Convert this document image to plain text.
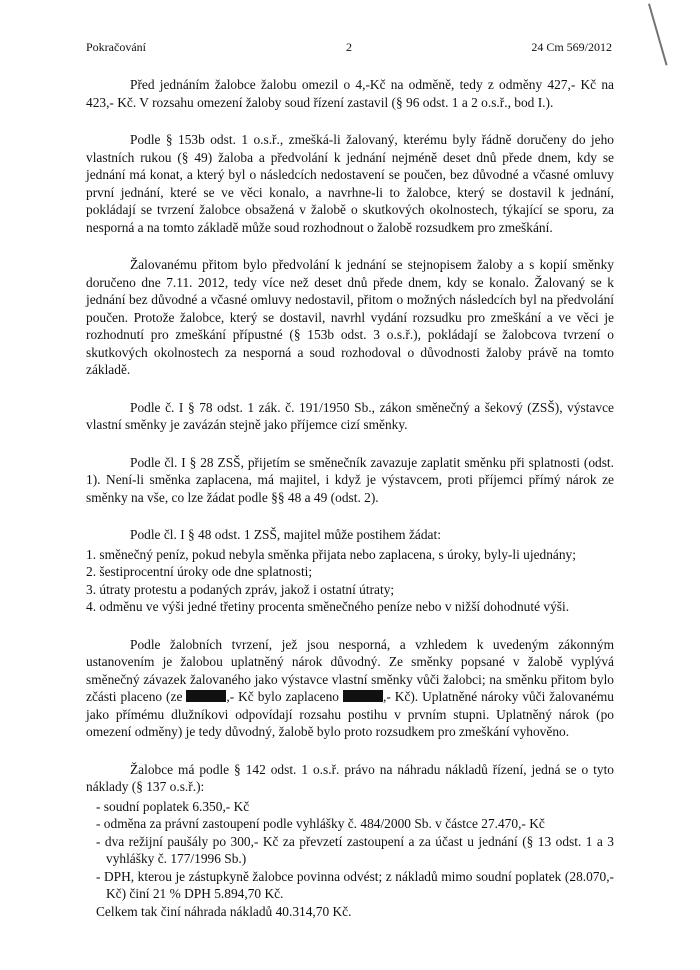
Pokračování	2	24 Cm 569/2012

Před jednáním žalobce žalobu omezil o 4,-Kč na odměně, tedy z odměny 427,- Kč na 423,- Kč. V rozsahu omezení žaloby soud řízení zastavil (§ 96 odst. 1 a 2 o.s.ř., bod I.).

Podle § 153b odst. 1 o.s.ř., zmešká-li žalovaný, kterému byly řádně doručeny do jeho vlastních rukou (§ 49) žaloba a předvolání k jednání nejméně deset dnů přede dnem, kdy se jednání má konat, a který byl o následcích nedostavení se poučen, bez důvodné a včasné omluvy první jednání, které se ve věci konalo, a navrhne-li to žalobce, který se dostavil k jednání, pokládají se tvrzení žalobce obsažená v žalobě o skutkových okolnostech, týkající se sporu, za nesporná a na tomto základě může soud rozhodnout o žalobě rozsudkem pro zmeškání.

Žalovanému přitom bylo předvolání k jednání se stejnopisem žaloby a s kopií směnky doručeno dne 7.11. 2012, tedy více než deset dnů přede dnem, kdy se konalo. Žalovaný se k jednání bez důvodné a včasné omluvy nedostavil, přitom o možných následcích byl na předvolání poučen. Protože žalobce, který se dostavil, navrhl vydání rozsudku pro zmeškání a ve věci je rozhodnutí pro zmeškání přípustné (§ 153b odst. 3 o.s.ř.), pokládají se žalobcova tvrzení o skutkových okolnostech za nesporná a soud rozhodoval o důvodnosti žaloby právě na tomto základě.

Podle č. I § 78 odst. 1 zák. č. 191/1950 Sb., zákon směnečný a šekový (ZSŠ), výstavce vlastní směnky je zavázán stejně jako příjemce cizí směnky.

Podle čl. I § 28 ZSŠ, přijetím se směnečník zavazuje zaplatit směnku při splatnosti (odst. 1). Není-li směnka zaplacena, má majitel, i když je výstavcem, proti příjemci přímý nárok ze směnky na vše, co lze žádat podle §§ 48 a 49 (odst. 2).

Podle čl. I § 48 odst. 1 ZSŠ, majitel může postihem žádat:

1. směnečný peníz, pokud nebyla směnka přijata nebo zaplacena, s úroky, byly-li ujednány;
2. šestiprocentní úroky ode dne splatnosti;
3. útraty protestu a podaných zpráv, jakož i ostatní útraty;
4. odměnu ve výši jedné třetiny procenta směnečného peníze nebo v nižší dohodnuté výši.

Podle žalobních tvrzení, jež jsou nesporná, a vzhledem k uvedeným zákonným ustanovením je žalobou uplatněný nárok důvodný. Ze směnky popsané v žalobě vyplývá směnečný závazek žalovaného jako výstavce vlastní směnky vůči žalobci; na směnku přitom bylo zčásti placeno (ze	,- Kč bylo zaplaceno	,- Kč). Uplatněné nároky vůči žalovanému jako přímému dlužníkovi odpovídají rozsahu postihu v prvním stupni. Uplatněný nárok (po omezení odměny) je tedy důvodný, žalobě bylo proto rozsudkem pro zmeškání vyhověno.

Žalobce má podle § 142 odst. 1 o.s.ř. právo na náhradu nákladů řízení, jedná se o tyto náklady (§ 137 o.s.ř.):

- soudní poplatek 6.350,- Kč
- odměna za právní zastoupení podle vyhlášky č. 484/2000 Sb. v částce 27.470,- Kč
- dva režijní paušály po 300,- Kč za převzetí zastoupení a za účast u jednání (§ 13 odst. 1 a 3 vyhlášky č. 177/1996 Sb.)
- DPH, kterou je zástupkyně žalobce povinna odvést; z nákladů mimo soudní poplatek (28.070,- Kč) činí 21 % DPH 5.894,70 Kč.

Celkem tak činí náhrada nákladů 40.314,70 Kč.
